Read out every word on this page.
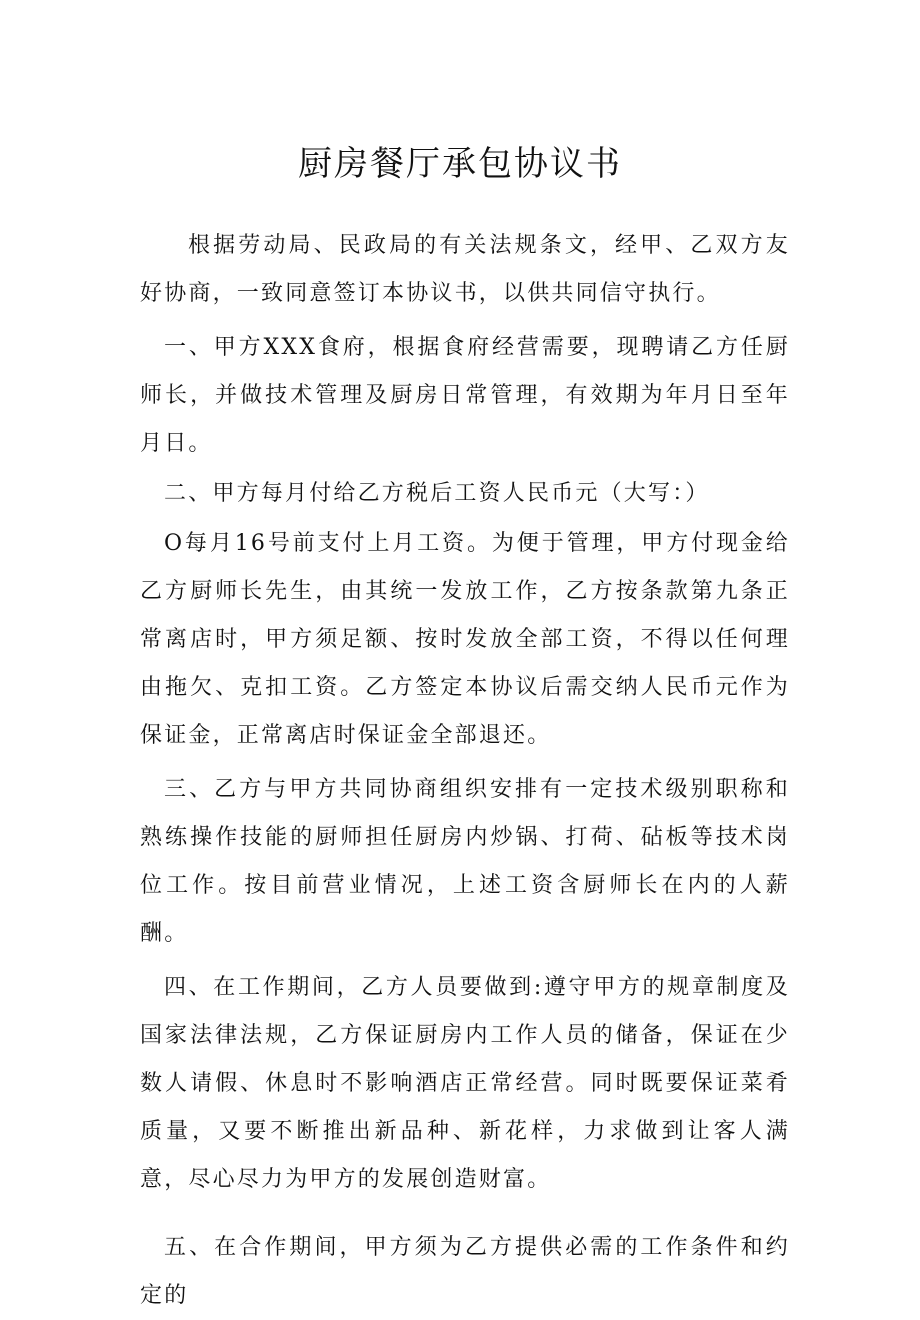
厨房餐厅承包协议书

根据劳动局、民政局的有关法规条文，经甲、乙双方友好协商，一致同意签订本协议书，以供共同信守执行。

一、甲方XXX食府，根据食府经营需要，现聘请乙方任厨师长，并做技术管理及厨房日常管理，有效期为年月日至年月日。

二、甲方每月付给乙方税后工资人民币元（大写：）

O每月16号前支付上月工资。为便于管理，甲方付现金给乙方厨师长先生，由其统一发放工作，乙方按条款第九条正常离店时，甲方须足额、按时发放全部工资，不得以任何理由拖欠、克扣工资。乙方签定本协议后需交纳人民币元作为保证金，正常离店时保证金全部退还。

三、乙方与甲方共同协商组织安排有一定技术级别职称和熟练操作技能的厨师担任厨房内炒锅、打荷、砧板等技术岗位工作。按目前营业情况，上述工资含厨师长在内的人薪酬。

四、在工作期间，乙方人员要做到:遵守甲方的规章制度及国家法律法规，乙方保证厨房内工作人员的储备，保证在少数人请假、休息时不影响酒店正常经营。同时既要保证菜肴质量，又要不断推出新品种、新花样，力求做到让客人满意，尽心尽力为甲方的发展创造财富。

五、在合作期间，甲方须为乙方提供必需的工作条件和约定的
